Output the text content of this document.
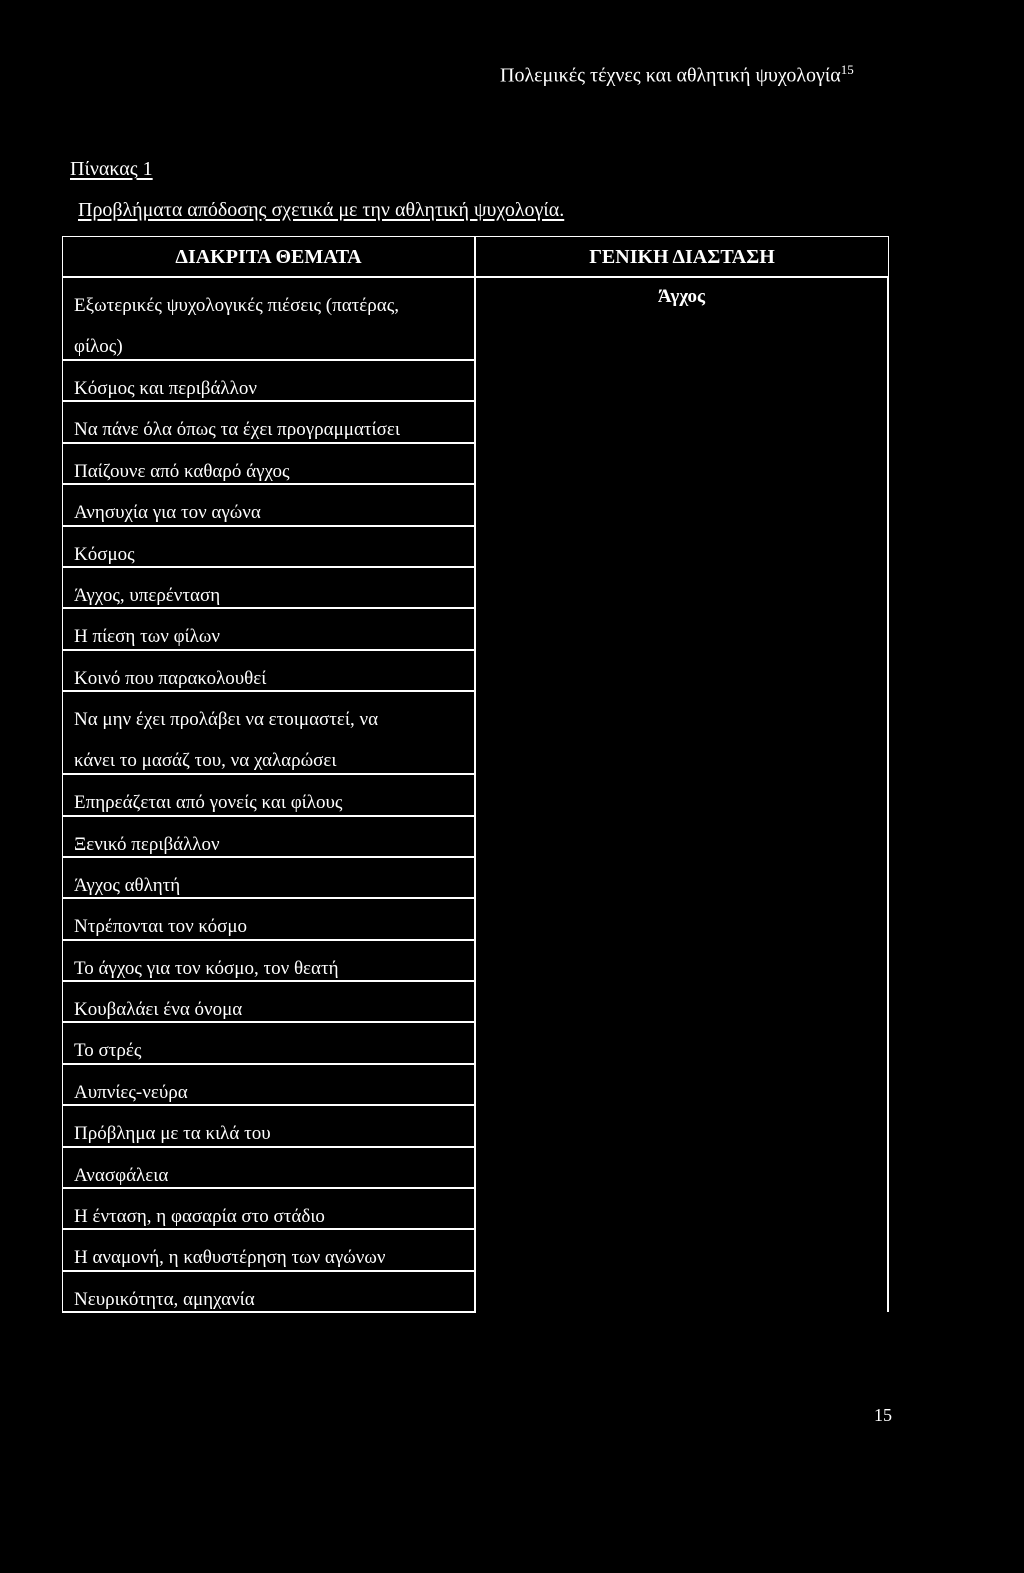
Πολεμικές τέχνες και αθλητική ψυχολογία$^{15}$
Πίνακας 1
Προβλήματα απόδοσης σχετικά με την αθλητική ψυχολογία.
ΔΙΑΚΡΙΤΑ ΘΕΜΑΤΑ	ΓΕΝΙΚΗ ΔΙΑΣΤΑΣΗ
Εξωτερικές ψυχολογικές πιέσεις (πατέρας,
φίλος)
Κόσμος και περιβάλλον
Να πάνε όλα όπως τα έχει προγραμματίσει
Παίζουνε από καθαρό άγχος
Ανησυχία για τον αγώνα
Κόσμος
Άγχος, υπερένταση
Η πίεση των φίλων
Κοινό που παρακολουθεί
Να μην έχει προλάβει να ετοιμαστεί, να
κάνει το μασάζ του, να χαλαρώσει
Επηρεάζεται από γονείς και φίλους
Ξενικό περιβάλλον
Άγχος αθλητή
Ντρέπονται τον κόσμο
Το άγχος για τον κόσμο, τον θεατή
Κουβαλάει ένα όνομα
Το στρές
Αυπνίες-νεύρα
Πρόβλημα με τα κιλά του
Ανασφάλεια
Η ένταση, η φασαρία στο στάδιο
Η αναμονή, η καθυστέρηση των αγώνων
Νευρικότητα, αμηχανία
Άγχος
15
